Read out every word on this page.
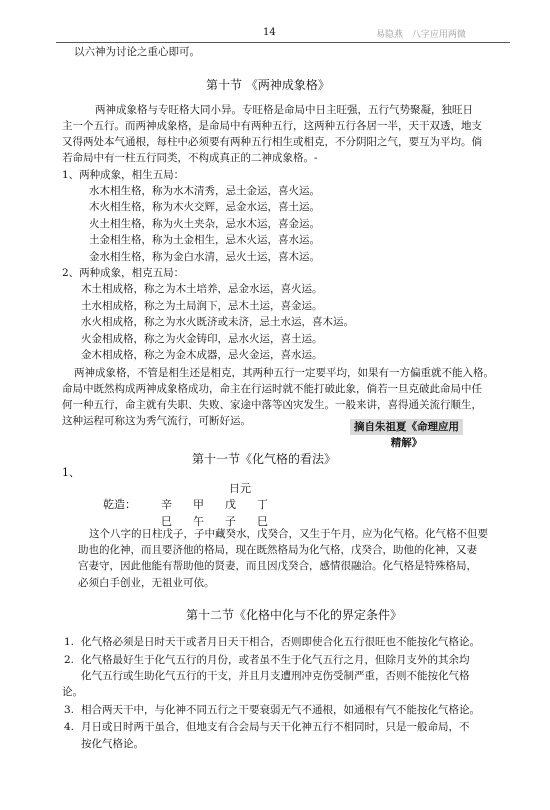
14	易隐燕 八字应用两微
以六神为讨论之重心即可。
第十节 《两神成象格》
两神成象格与专旺格大同小异。专旺格是命局中日主旺强，五行气势聚凝，独旺日
主一个五行。而两神成象格，是命局中有两种五行，这两种五行各居一半，天干双透，地支
又得两处本气通根，每柱中必须要有两种五行相生或相克，不分阴阳之气，要互为平均。倘
若命局中有一柱五行同类，不构成真正的二神成象格。-
1、两种成象，相生五局：
水木相生格，称为水木清秀，忌土金运，喜火运。
木火相生格，称为木火交辉，忌金水运，喜土运。
火土相生格，称为火土夹杂，忌水木运，喜金运。
土金相生格，称为土金相生，忌木火运，喜水运。
金水相生格，称为金白水清，忌火土运，喜木运。
2、两种成象，相克五局：
木土相成格，称之为木土培养，忌金水运，喜火运。
土水相成格，称之为土局润下，忌木土运，喜金运。
水火相成格，称之为水火既济或未济，忌土水运，喜木运。
火金相成格，称之为火金铸印，忌水火运，喜土运。
金木相成格，称之为金木成器，忌火金运，喜水运。
两神成象格，不管是相生还是相克，其两种五行一定要平均，如果有一方偏重就不能入格。
命局中既然构成两神成象格成功，命主在行运时就不能打破此象，倘若一旦克破此命局中任
何一种五行，命主就有失职、失败、家途中落等凶灾发生。一般来讲，喜得通关流行顺生，
这种运程可称这为秀气流行，可断好运。	摘自朱祖夏《命理应用精解》
第十一节《化气格的看法》
1、
日元
乾造： 辛 甲 戊 丁
巳 午 子 巳
这个八字的日柱戊子，子中藏癸水，戊癸合，又生于午月，应为化气格。化气格不但要
助也的化神，而且要济他的格局，现在既然格局为化气格，戊癸合，助他的化神，又妻
宫妻守，因此他能有帮助他的贤妻，而且因戊癸合，感情很融洽。化气格是特殊格局，
必须白手创业，无祖业可依。
第十二节《化格中化与不化的界定条件》
1. 化气格必须是日时天干或者月日天干相合，否则即使合化五行很旺也不能按化气格论。
2. 化气格最好生于化气五行的月份，或者虽不生于化气五行之月，但除月支外的其余均
化气五行或生助化气五行的干支，并且月支遭刑冲克伤受制严重，否则不能按化气格
论。
3. 相合两天干中，与化神不同五行之干要衰弱无气不通根，如通根有气不能按化气格论。
4. 月日或日时两干虽合，但地支有合会局与天干化神五行不相同时，只是一般命局，不
按化气格论。
